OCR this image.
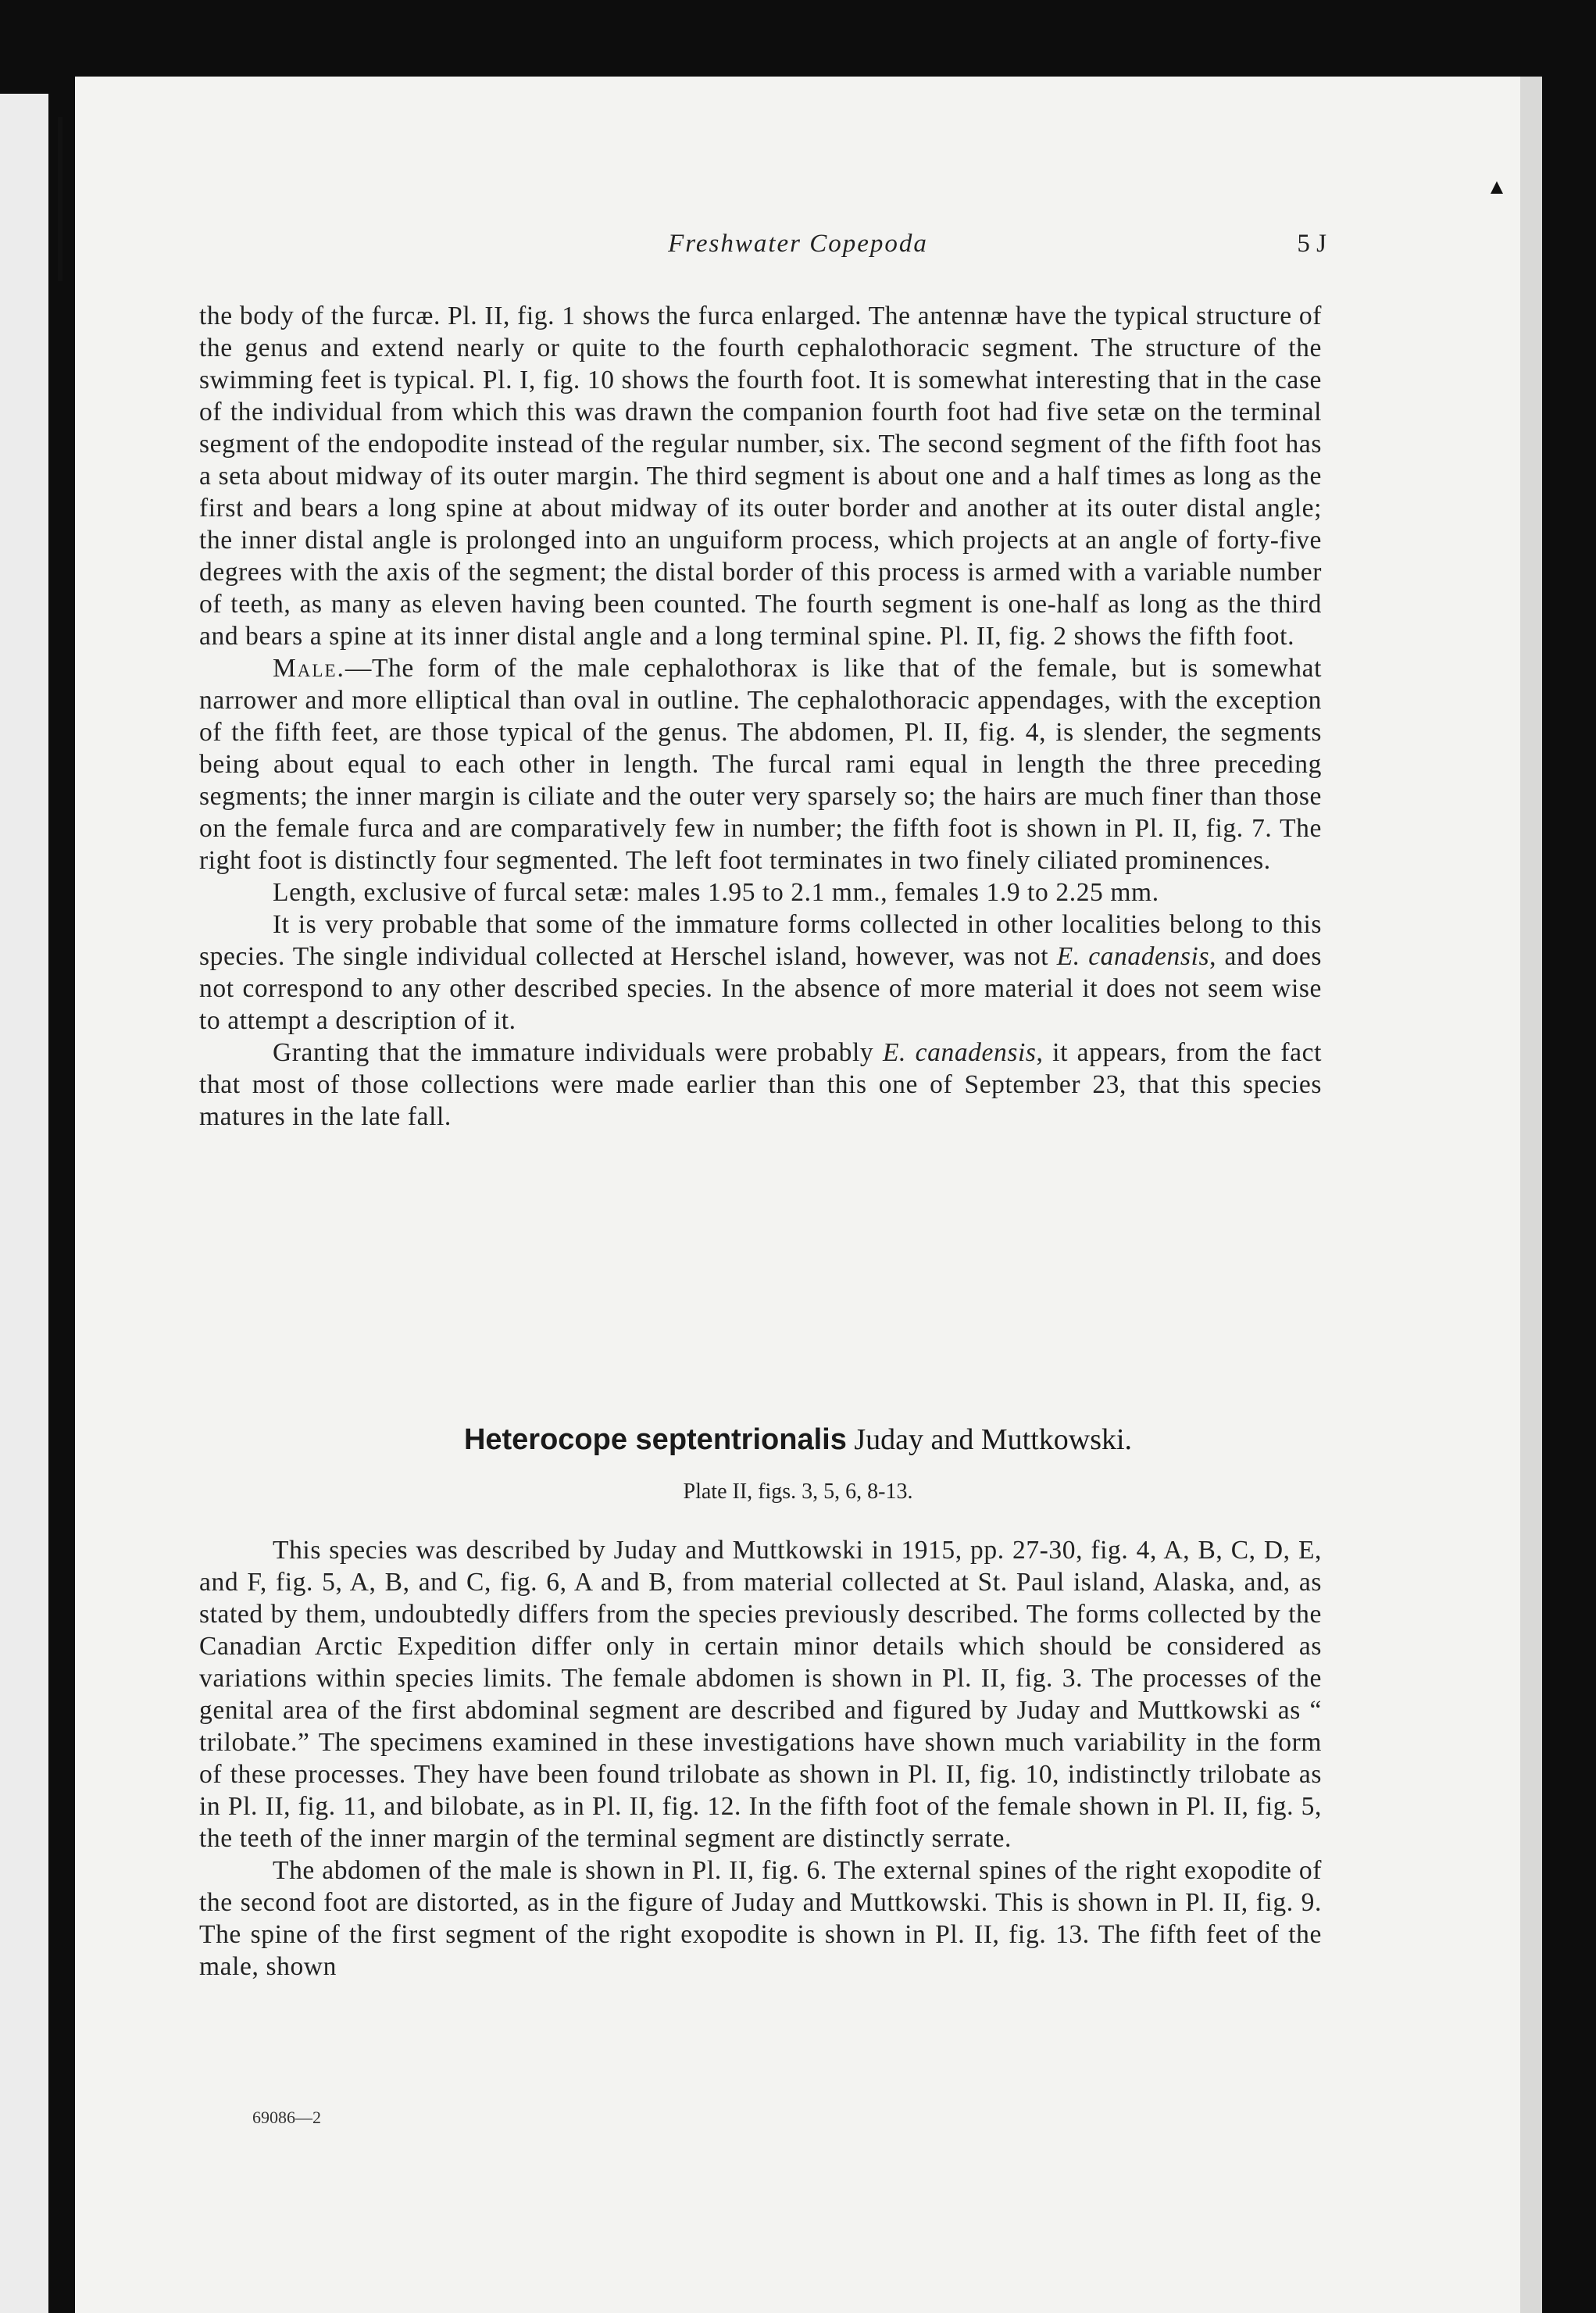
Freshwater Copepoda	5 J

the body of the furcæ. Pl. II, fig. 1 shows the furca enlarged. The antennæ have the typical structure of the genus and extend nearly or quite to the fourth cephalothoracic segment. The structure of the swimming feet is typical. Pl. I, fig. 10 shows the fourth foot. It is somewhat interesting that in the case of the individual from which this was drawn the companion fourth foot had five setæ on the terminal segment of the endopodite instead of the regular number, six. The second segment of the fifth foot has a seta about midway of its outer margin. The third segment is about one and a half times as long as the first and bears a long spine at about midway of its outer border and another at its outer distal angle; the inner distal angle is prolonged into an unguiform process, which projects at an angle of forty-five degrees with the axis of the segment; the distal border of this process is armed with a variable number of teeth, as many as eleven having been counted. The fourth segment is one-half as long as the third and bears a spine at its inner distal angle and a long terminal spine. Pl. II, fig. 2 shows the fifth foot.

Male.—The form of the male cephalothorax is like that of the female, but is somewhat narrower and more elliptical than oval in outline. The cephalothoracic appendages, with the exception of the fifth feet, are those typical of the genus. The abdomen, Pl. II, fig. 4, is slender, the segments being about equal to each other in length. The furcal rami equal in length the three preceding segments; the inner margin is ciliate and the outer very sparsely so; the hairs are much finer than those on the female furca and are comparatively few in number; the fifth foot is shown in Pl. II, fig. 7. The right foot is distinctly four segmented. The left foot terminates in two finely ciliated prominences.

Length, exclusive of furcal setæ: males 1.95 to 2.1 mm., females 1.9 to 2.25 mm.

It is very probable that some of the immature forms collected in other localities belong to this species. The single individual collected at Herschel island, however, was not E. canadensis, and does not correspond to any other described species. In the absence of more material it does not seem wise to attempt a description of it.

Granting that the immature individuals were probably E. canadensis, it appears, from the fact that most of those collections were made earlier than this one of September 23, that this species matures in the late fall.

Heterocope septentrionalis Juday and Muttkowski.
Plate II, figs. 3, 5, 6, 8-13.

This species was described by Juday and Muttkowski in 1915, pp. 27-30, fig. 4, A, B, C, D, E, and F, fig. 5, A, B, and C, fig. 6, A and B, from material collected at St. Paul island, Alaska, and, as stated by them, undoubtedly differs from the species previously described. The forms collected by the Canadian Arctic Expedition differ only in certain minor details which should be considered as variations within species limits. The female abdomen is shown in Pl. II, fig. 3. The processes of the genital area of the first abdominal segment are described and figured by Juday and Muttkowski as “ trilobate.” The specimens examined in these investigations have shown much variability in the form of these processes. They have been found trilobate as shown in Pl. II, fig. 10, indistinctly trilobate as in Pl. II, fig. 11, and bilobate, as in Pl. II, fig. 12. In the fifth foot of the female shown in Pl. II, fig. 5, the teeth of the inner margin of the terminal segment are distinctly serrate.

The abdomen of the male is shown in Pl. II, fig. 6. The external spines of the right exopodite of the second foot are distorted, as in the figure of Juday and Muttkowski. This is shown in Pl. II, fig. 9. The spine of the first segment of the right exopodite is shown in Pl. II, fig. 13. The fifth feet of the male, shown

69086—2
